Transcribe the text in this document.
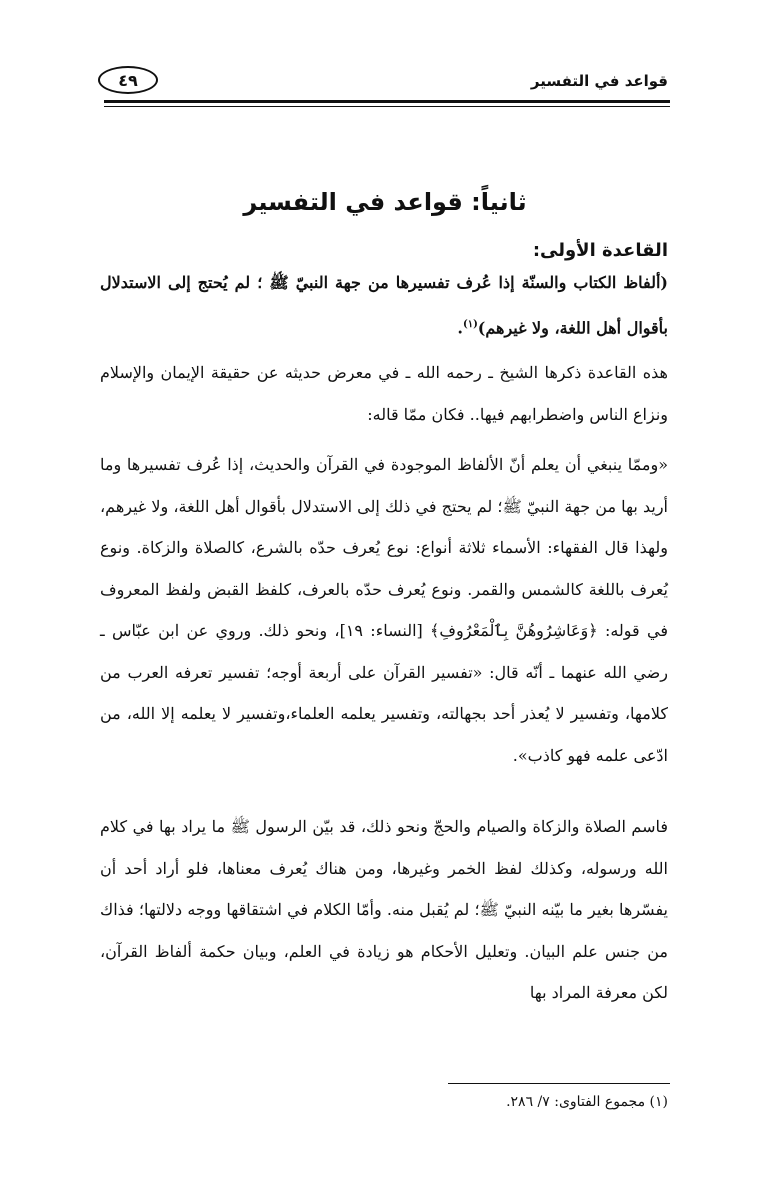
قواعد في التفسير
٤٩
ثانياً: قواعد في التفسير
القاعدة الأولى:

(ألفاظ الكتاب والسنّة إذا عُرف تفسيرها من جهة النبيّ ﷺ ؛ لم يُحتج إلى الاستدلال بأقوال أهل اللغة، ولا غيرهم)$^{(١)}$.

هذه القاعدة ذكرها الشيخ ـ رحمه الله ـ في معرض حديثه عن حقيقة الإيمان والإسلام ونزاع الناس واضطرابهم فيها.. فكان ممّا قاله:

«وممّا ينبغي أن يعلم أنّ الألفاظ الموجودة في القرآن والحديث، إذا عُرف تفسيرها وما أريد بها من جهة النبيّ ﷺ؛ لم يحتج في ذلك إلى الاستدلال بأقوال أهل اللغة، ولا غيرهم، ولهذا قال الفقهاء: الأسماء ثلاثة أنواع: نوع يُعرف حدّه بالشرع، كالصلاة والزكاة. ونوع يُعرف باللغة كالشمس والقمر. ونوع يُعرف حدّه بالعرف، كلفظ القبض ولفظ المعروف في قوله: ﴿وَعَاشِرُوهُنَّ بِٱلْمَعْرُوفِ﴾ [النساء: ١٩]، ونحو ذلك. وروي عن ابن عبّاس ـ رضي الله عنهما ـ أنّه قال: «تفسير القرآن على أربعة أوجه؛ تفسير تعرفه العرب من كلامها، وتفسير لا يُعذر أحد بجهالته، وتفسير يعلمه العلماء،وتفسير لا يعلمه إلا الله، من ادّعى علمه فهو كاذب».

فاسم الصلاة والزكاة والصيام والحجّ ونحو ذلك، قد بيّن الرسول ﷺ ما يراد بها في كلام الله ورسوله، وكذلك لفظ الخمر وغيرها، ومن هناك يُعرف معناها، فلو أراد أحد أن يفسّرها بغير ما بيّنه النبيّ ﷺ؛ لم يُقبل منه. وأمّا الكلام في اشتقاقها ووجه دلالتها؛ فذاك من جنس علم البيان. وتعليل الأحكام هو زيادة في العلم، وبيان حكمة ألفاظ القرآن، لكن معرفة المراد بها

(١) مجموع الفتاوى: ٧/ ٢٨٦.
